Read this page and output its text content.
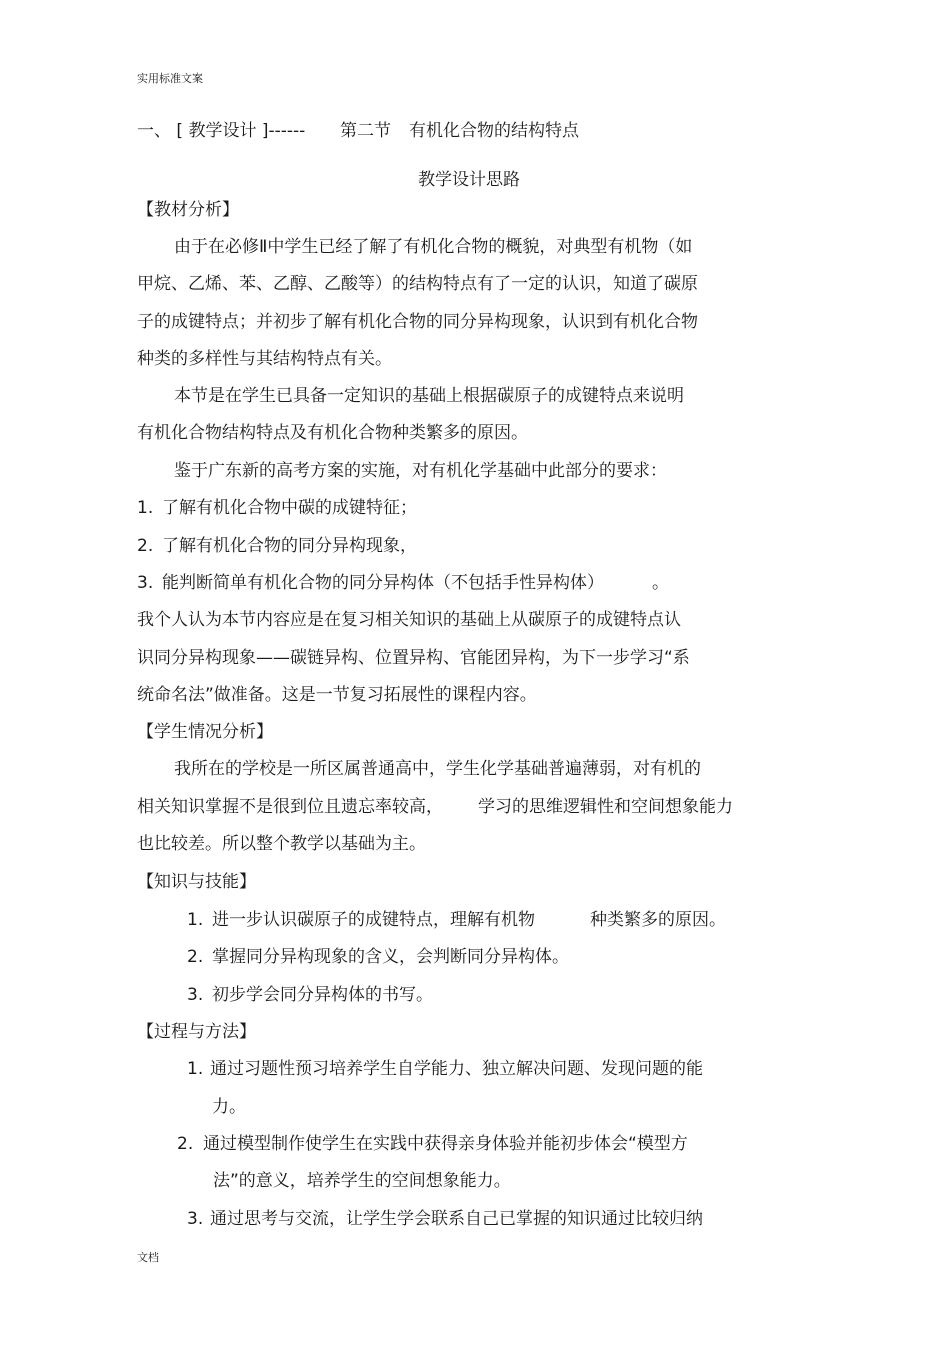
实用标准文案
一、 [ 教学设计 ]------ 第二节 有机化合物的结构特点
教学设计思路
【教材分析】
由于在必修Ⅱ中学生已经了解了有机化合物的概貌，对典型有机物（如
甲烷、乙烯、苯、乙醇、乙酸等）的结构特点有了一定的认识，知道了碳原
子的成键特点；并初步了解有机化合物的同分异构现象，认识到有机化合物
种类的多样性与其结构特点有关。
本节是在学生已具备一定知识的基础上根据碳原子的成键特点来说明
有机化合物结构特点及有机化合物种类繁多的原因。
鉴于广东新的高考方案的实施，对有机化学基础中此部分的要求：
1. 了解有机化合物中碳的成键特征；
2. 了解有机化合物的同分异构现象，
3. 能判断简单有机化合物的同分异构体（不包括手性异构体）	。
我个人认为本节内容应是在复习相关知识的基础上从碳原子的成键特点认
识同分异构现象——碳链异构、位置异构、官能团异构，为下一步学习“系
统命名法”做准备。这是一节复习拓展性的课程内容。
【学生情况分析】
我所在的学校是一所区属普通高中，学生化学基础普遍薄弱，对有机的
相关知识掌握不是很到位且遗忘率较高， 学习的思维逻辑性和空间想象能力
也比较差。所以整个教学以基础为主。
【知识与技能】
1. 进一步认识碳原子的成键特点，理解有机物	种类繁多的原因。
2. 掌握同分异构现象的含义，会判断同分异构体。
3. 初步学会同分异构体的书写。
【过程与方法】
1. 通过习题性预习培养学生自学能力、独立解决问题、发现问题的能
力。
2. 通过模型制作使学生在实践中获得亲身体验并能初步体会“模型方
法”的意义，培养学生的空间想象能力。
3. 通过思考与交流，让学生学会联系自己已掌握的知识通过比较归纳
文档
